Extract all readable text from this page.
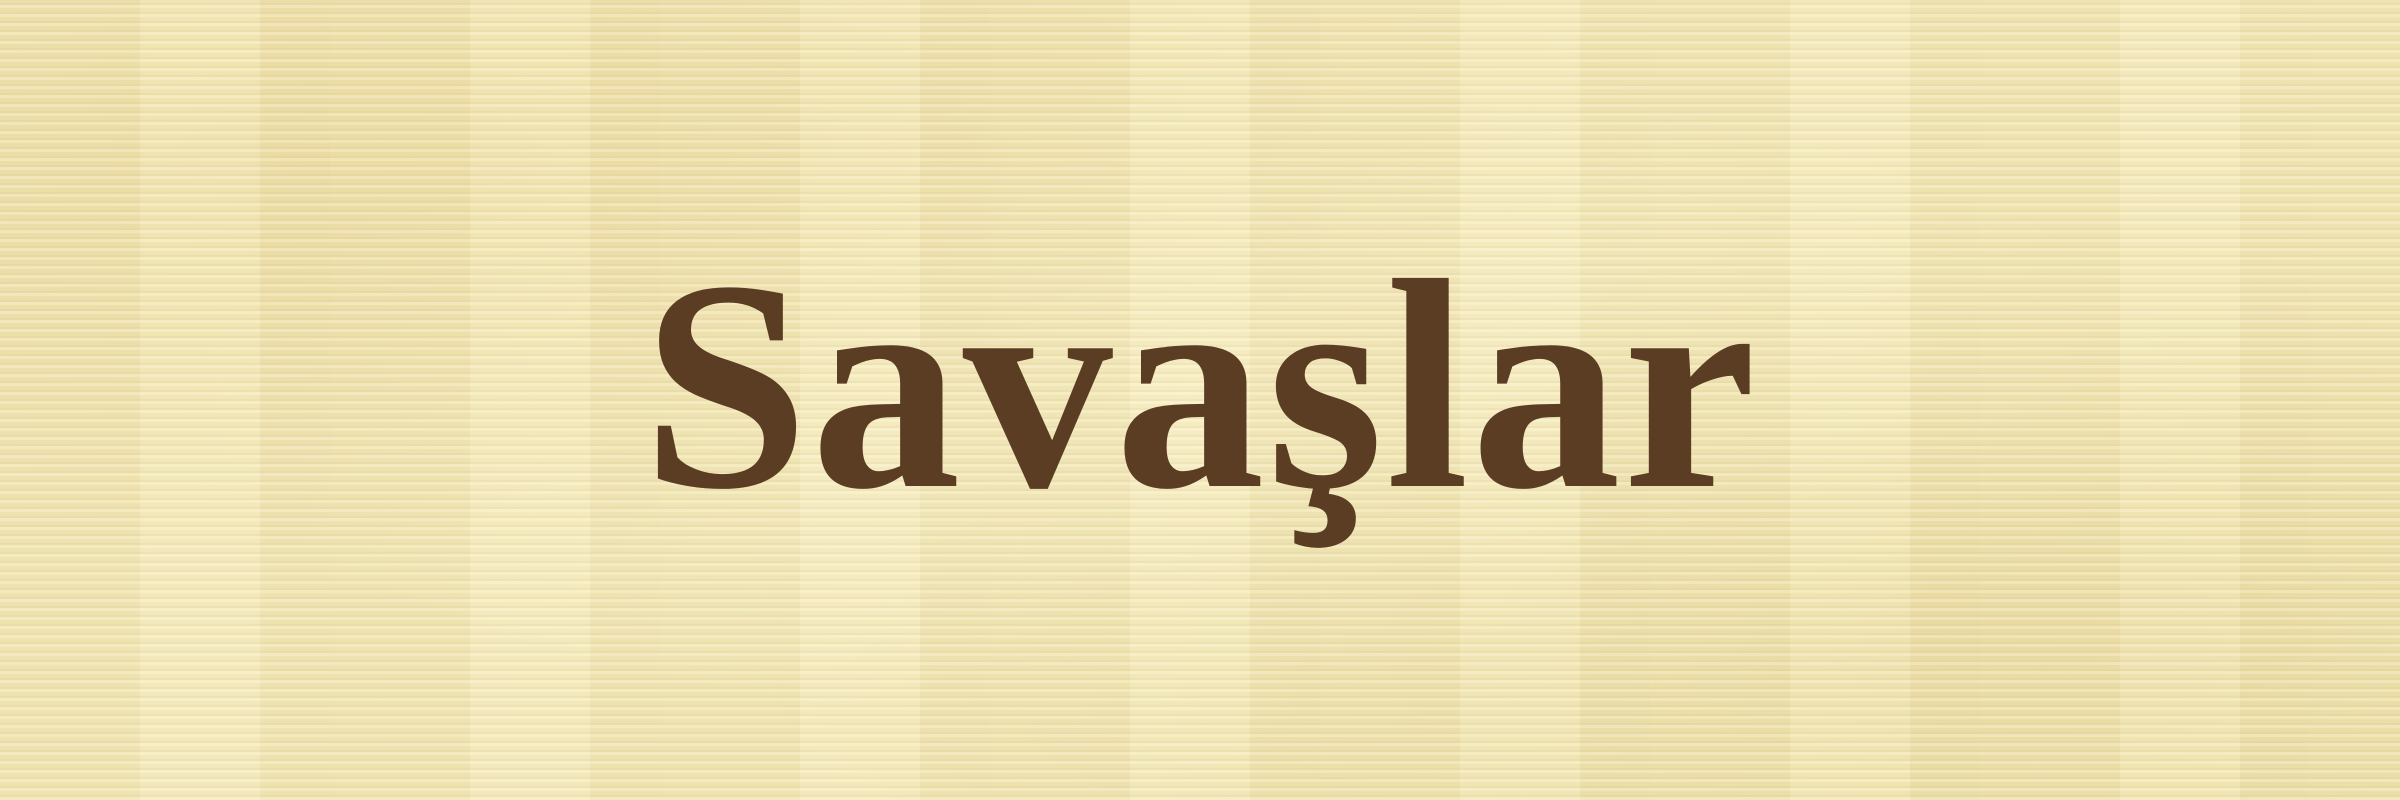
Savaşlar
